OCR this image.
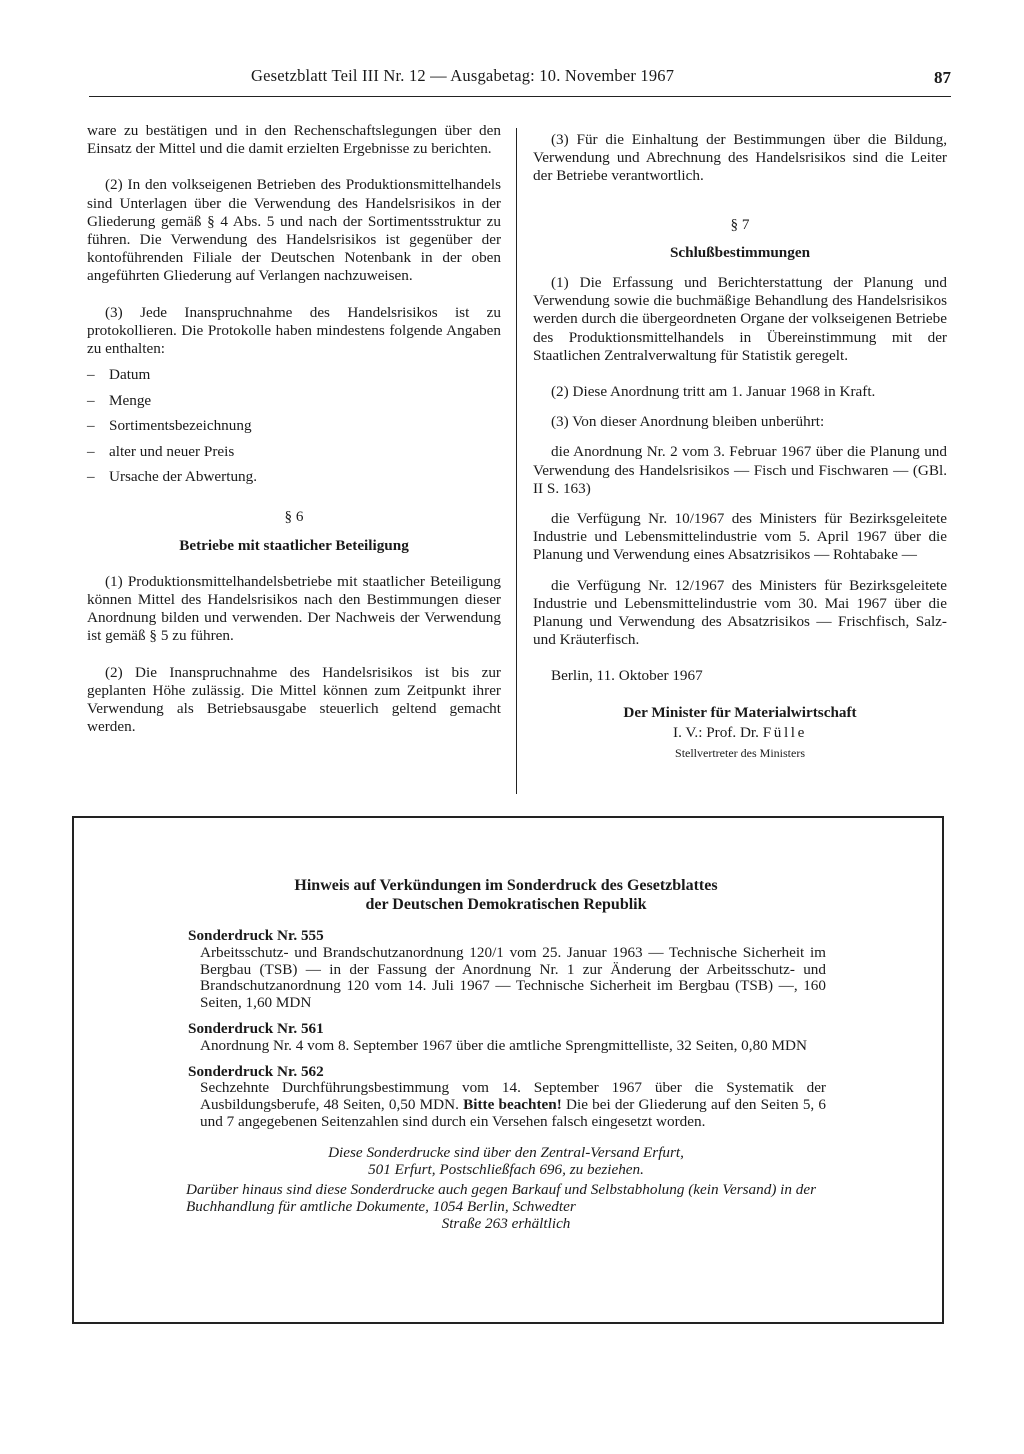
Gesetzblatt Teil III Nr. 12 — Ausgabetag: 10. November 1967	87

ware zu bestätigen und in den Rechenschaftslegungen über den Einsatz der Mittel und die damit erzielten Ergebnisse zu berichten.

(2) In den volkseigenen Betrieben des Produktionsmittelhandels sind Unterlagen über die Verwendung des Handelsrisikos in der Gliederung gemäß § 4 Abs. 5 und nach der Sortimentsstruktur zu führen. Die Verwendung des Handelsrisikos ist gegenüber der kontoführenden Filiale der Deutschen Notenbank in der oben angeführten Gliederung auf Verlangen nachzuweisen.

(3) Jede Inanspruchnahme des Handelsrisikos ist zu protokollieren. Die Protokolle haben mindestens folgende Angaben zu enthalten:

– Datum
– Menge
– Sortimentsbezeichnung
– alter und neuer Preis
– Ursache der Abwertung.

§ 6

Betriebe mit staatlicher Beteiligung

(1) Produktionsmittelhandelsbetriebe mit staatlicher Beteiligung können Mittel des Handelsrisikos nach den Bestimmungen dieser Anordnung bilden und verwenden. Der Nachweis der Verwendung ist gemäß § 5 zu führen.

(2) Die Inanspruchnahme des Handelsrisikos ist bis zur geplanten Höhe zulässig. Die Mittel können zum Zeitpunkt ihrer Verwendung als Betriebsausgabe steuerlich geltend gemacht werden.

(3) Für die Einhaltung der Bestimmungen über die Bildung, Verwendung und Abrechnung des Handelsrisikos sind die Leiter der Betriebe verantwortlich.

§ 7

Schlußbestimmungen

(1) Die Erfassung und Berichterstattung der Planung und Verwendung sowie die buchmäßige Behandlung des Handelsrisikos werden durch die übergeordneten Organe der volkseigenen Betriebe des Produktionsmittelhandels in Übereinstimmung mit der Staatlichen Zentralverwaltung für Statistik geregelt.

(2) Diese Anordnung tritt am 1. Januar 1968 in Kraft.

(3) Von dieser Anordnung bleiben unberührt:

die Anordnung Nr. 2 vom 3. Februar 1967 über die Planung und Verwendung des Handelsrisikos — Fisch und Fischwaren — (GBl. II S. 163)

die Verfügung Nr. 10/1967 des Ministers für Bezirksgeleitete Industrie und Lebensmittelindustrie vom 5. April 1967 über die Planung und Verwendung eines Absatzrisikos — Rohtabake —

die Verfügung Nr. 12/1967 des Ministers für Bezirksgeleitete Industrie und Lebensmittelindustrie vom 30. Mai 1967 über die Planung und Verwendung des Absatzrisikos — Frischfisch, Salz- und Kräuterfisch.

Berlin, 11. Oktober 1967

Der Minister für Materialwirtschaft

I. V.: Prof. Dr. Fülle

Stellvertreter des Ministers

Hinweis auf Verkündungen im Sonderdruck des Gesetzblattes

der Deutschen Demokratischen Republik

Sonderdruck Nr. 555

Arbeitsschutz- und Brandschutzanordnung 120/1 vom 25. Januar 1963 — Technische Sicherheit im Bergbau (TSB) — in der Fassung der Anordnung Nr. 1 zur Änderung der Arbeitsschutz- und Brandschutzanordnung 120 vom 14. Juli 1967 — Technische Sicherheit im Bergbau (TSB) —, 160 Seiten, 1,60 MDN

Sonderdruck Nr. 561

Anordnung Nr. 4 vom 8. September 1967 über die amtliche Sprengmittelliste, 32 Seiten, 0,80 MDN

Sonderdruck Nr. 562

Sechzehnte Durchführungsbestimmung vom 14. September 1967 über die Systematik der Ausbildungsberufe, 48 Seiten, 0,50 MDN. Bitte beachten! Die bei der Gliederung auf den Seiten 5, 6 und 7 angegebenen Seitenzahlen sind durch ein Versehen falsch eingesetzt worden.

Diese Sonderdrucke sind über den Zentral-Versand Erfurt,

501 Erfurt, Postschließfach 696, zu beziehen.

Darüber hinaus sind diese Sonderdrucke auch gegen Barkauf und Selbstabholung (kein Versand) in der Buchhandlung für amtliche Dokumente, 1054 Berlin, Schwedter

Straße 263 erhältlich
